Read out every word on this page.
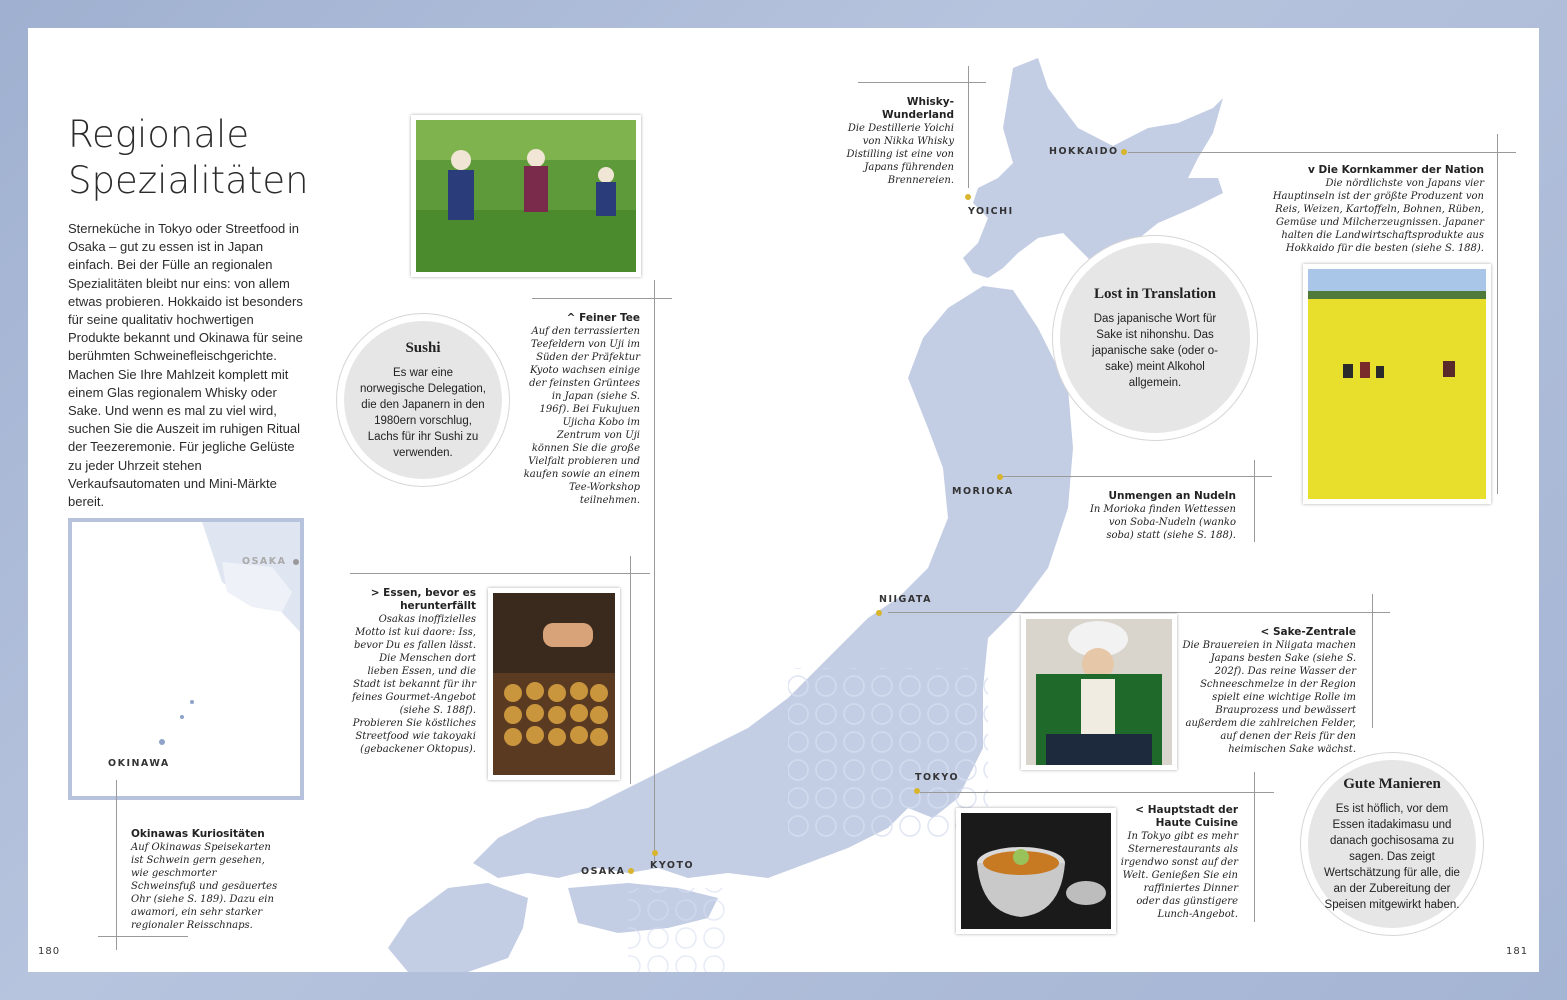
Regionale
Spezialitäten
Sterneküche in Tokyo oder Streetfood in Osaka – gut zu essen ist in Japan einfach. Bei der Fülle an regionalen Spezialitäten bleibt nur eins: von allem etwas probieren. Hokkaido ist besonders für seine qualitativ hochwertigen Produkte bekannt und Okinawa für seine berühmten Schweinefleischgerichte. Machen Sie Ihre Mahlzeit komplett mit einem Glas regionalem Whisky oder Sake. Und wenn es mal zu viel wird, suchen Sie die Auszeit im ruhigen Ritual der Teezeremonie. Für jegliche Gelüste zu jeder Uhrzeit stehen Verkaufsautomaten und Mini-Märkte bereit.
OSAKA
OKINAWA
HOKKAIDO
YOICHI
MORIOKA
NIIGATA
TOKYO
KYOTO
OSAKA
Sushi
Es war eine norwegische Delegation, die den Japanern in den 1980ern vorschlug, Lachs für ihr Sushi zu verwenden.
Lost in Translation
Das japanische Wort für Sake ist nihonshu. Das japanische sake (oder o-sake) meint Alkohol allgemein.
Gute Manieren
Es ist höflich, vor dem Essen itadakimasu und danach gochisosama zu sagen. Das zeigt Wertschätzung für alle, die an der Zubereitung der Speisen mitgewirkt haben.
Whisky-Wunderland
Die Destillerie Yoichi von Nikka Whisky Distilling ist eine von Japans führenden Brennereien.
^ Feiner Tee
Auf den terrassierten Teefeldern von Uji im Süden der Präfektur Kyoto wachsen einige der feinsten Grüntees in Japan (siehe S. 196f). Bei Fukujuen Ujicha Kobo im Zentrum von Uji können Sie die große Vielfalt probieren und kaufen sowie an einem Tee-Workshop teilnehmen.
v Die Kornkammer der Nation
Die nördlichste von Japans vier Hauptinseln ist der größte Produzent von Reis, Weizen, Kartoffeln, Bohnen, Rüben, Gemüse und Milcherzeugnissen. Japaner halten die Landwirtschaftsprodukte aus Hokkaido für die besten (siehe S. 188).
Unmengen an Nudeln
In Morioka finden Wettessen von Soba-Nudeln (wanko soba) statt (siehe S. 188).
> Essen, bevor es herunterfällt
Osakas inoffizielles Motto ist kui daore: Iss, bevor Du es fallen lässt. Die Menschen dort lieben Essen, und die Stadt ist bekannt für ihr feines Gourmet-Angebot (siehe S. 188f). Probieren Sie köstliches Streetfood wie takoyaki (gebackener Oktopus).
< Sake-Zentrale
Die Brauereien in Niigata machen Japans besten Sake (siehe S. 202f). Das reine Wasser der Schneeschmelze in der Region spielt eine wichtige Rolle im Brauprozess und bewässert außerdem die zahlreichen Felder, auf denen der Reis für den heimischen Sake wächst.
< Hauptstadt der Haute Cuisine
In Tokyo gibt es mehr Sternerestaurants als irgendwo sonst auf der Welt. Genießen Sie ein raffiniertes Dinner oder das günstigere Lunch-Angebot.
Okinawas Kuriositäten
Auf Okinawas Speisekarten ist Schwein gern gesehen, wie geschmorter Schweinsfuß und gesäuertes Ohr (siehe S. 189). Dazu ein awamori, ein sehr starker regionaler Reisschnaps.
180	181
